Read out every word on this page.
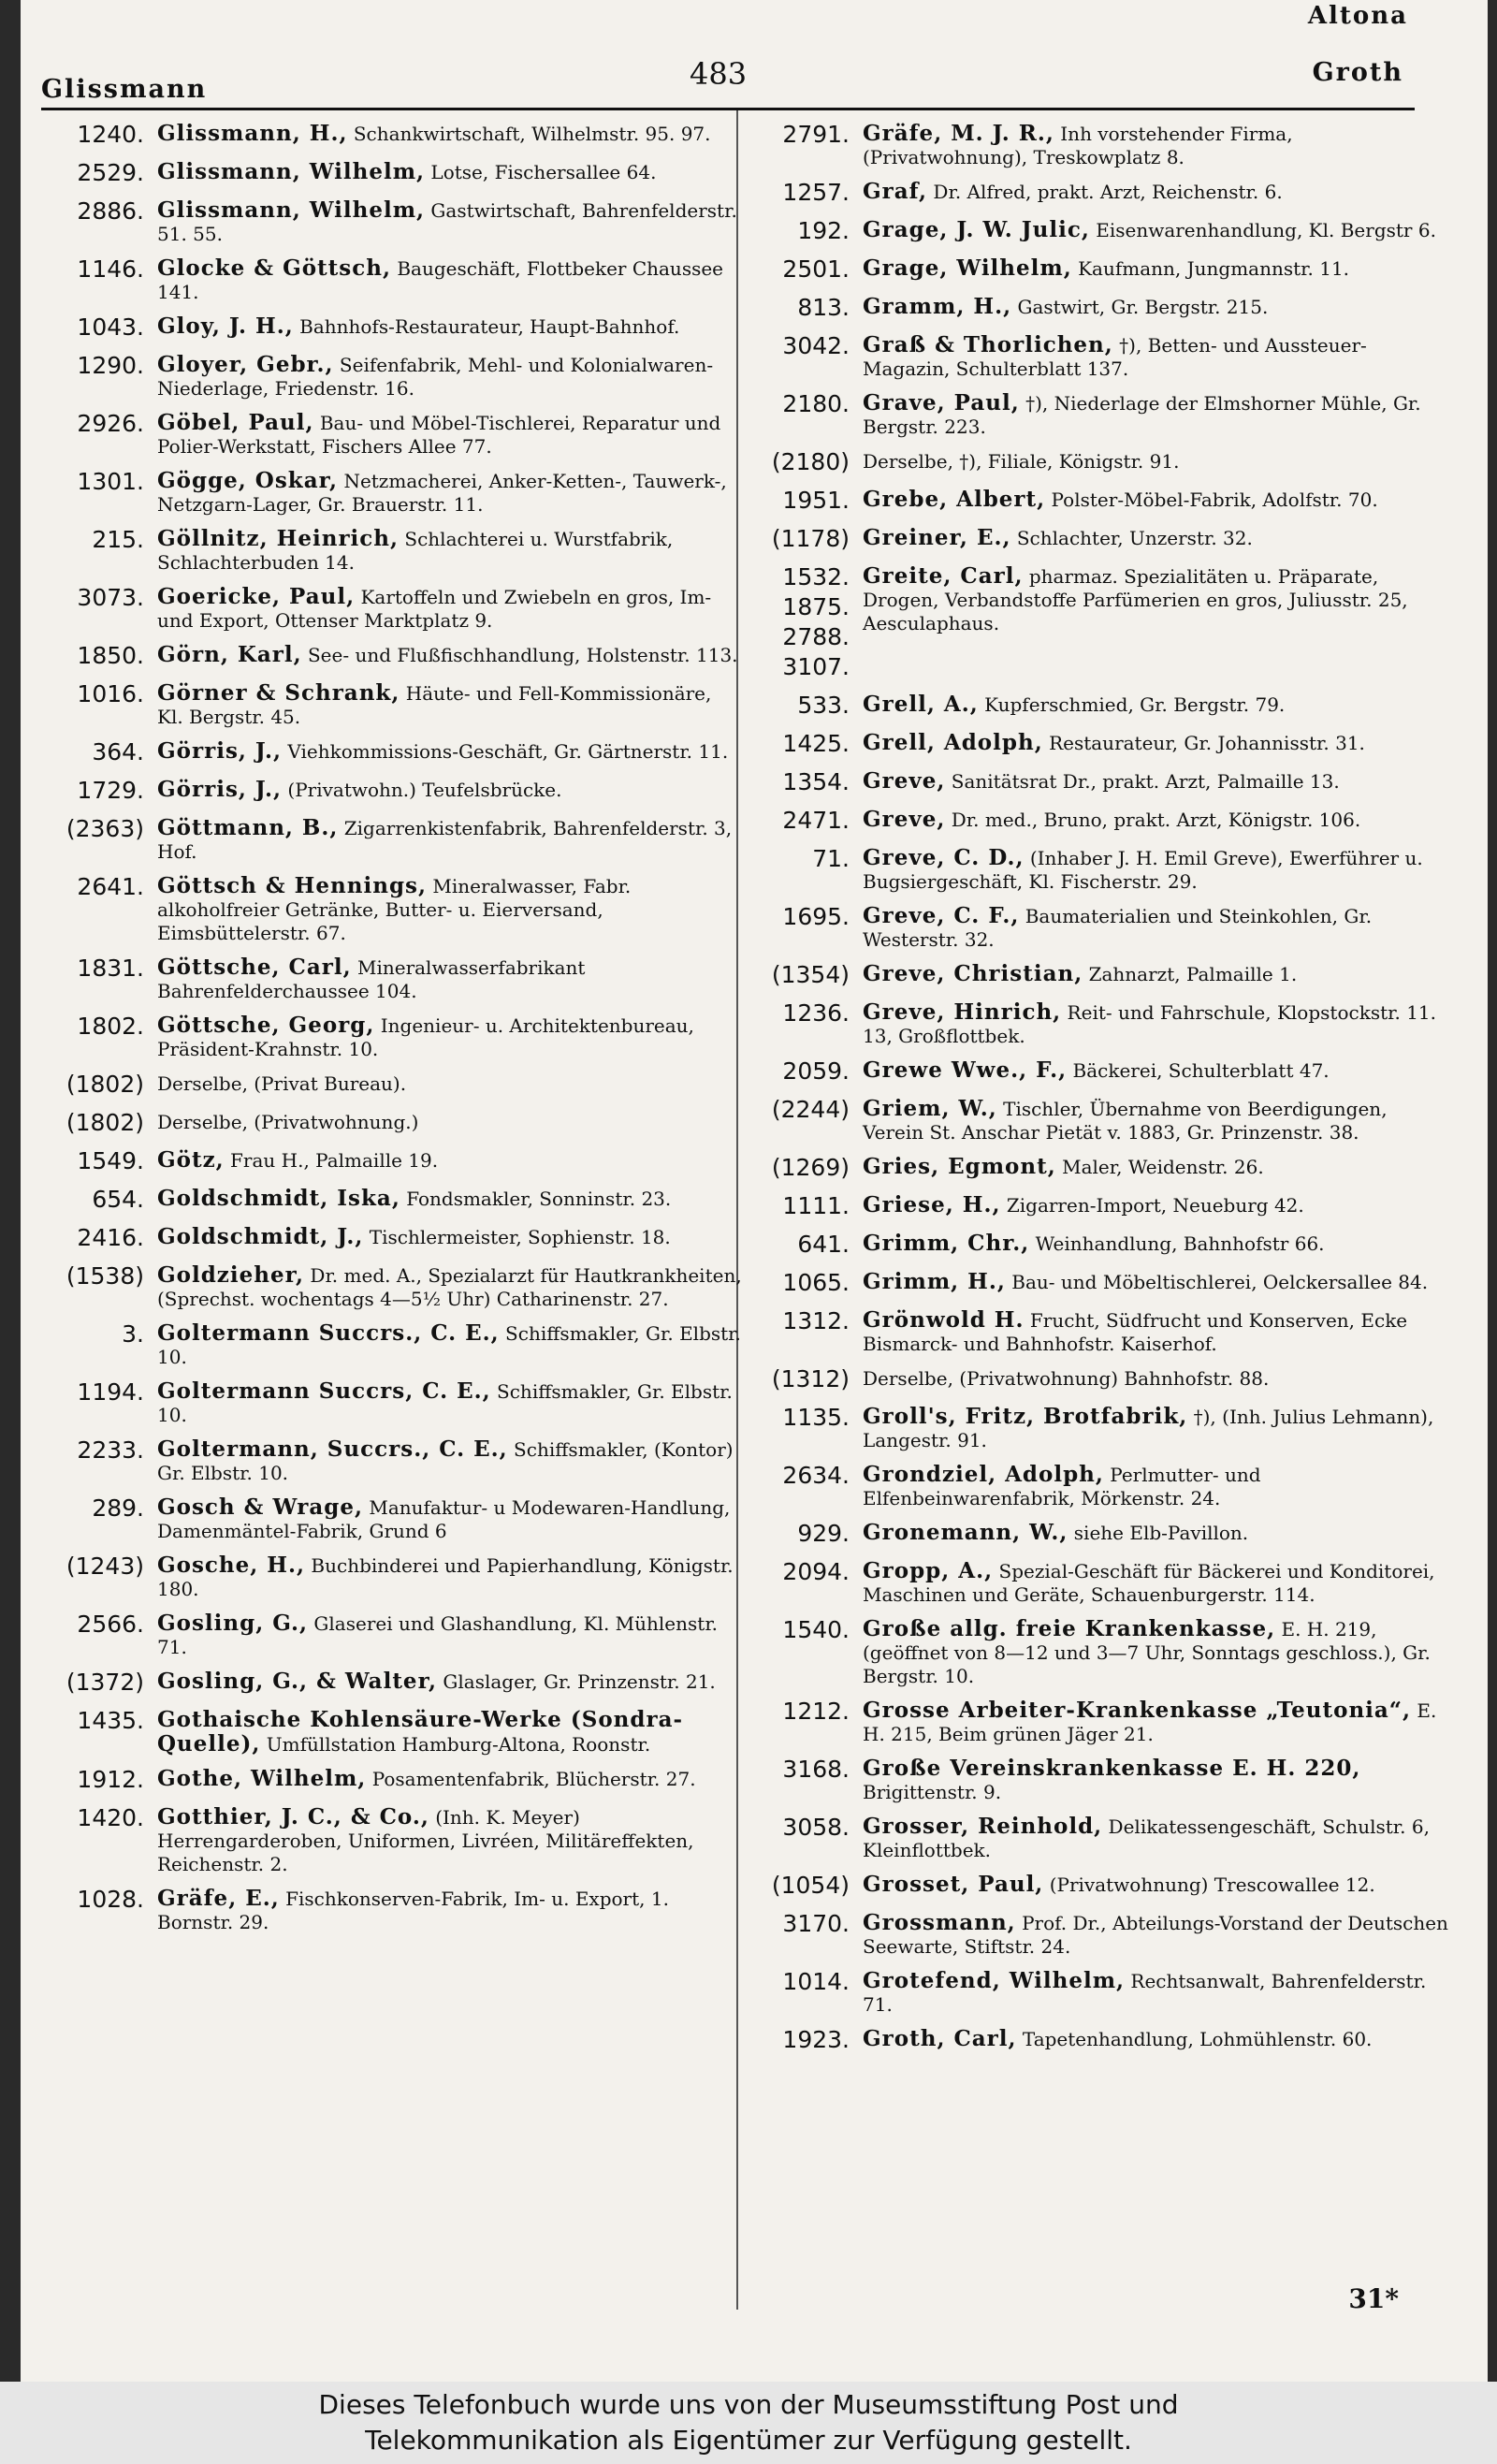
Altona
Glissmann	483	Groth
1240. Glissmann, H., Schankwirtschaft, Wilhelmstr. 95. 97.
2529. Glissmann, Wilhelm, Lotse, Fischersallee 64.
2886. Glissmann, Wilhelm, Gastwirtschaft, Bahrenfelderstr. 51. 55.
1146. Glocke & Göttsch, Baugeschäft, Flottbeker Chaussee 141.
1043. Gloy, J. H., Bahnhofs-Restaurateur, Haupt-Bahnhof.
1290. Gloyer, Gebr., Seifenfabrik, Mehl- und Kolonialwaren-Niederlage, Friedenstr. 16.
2926. Göbel, Paul, Bau- und Möbel-Tischlerei, Reparatur und Polier-Werkstatt, Fischers Allee 77.
1301. Gögge, Oskar, Netzmacherei, Anker-Ketten-, Tauwerk-, Netzgarn-Lager, Gr. Brauerstr. 11.
215. Göllnitz, Heinrich, Schlachterei u. Wurstfabrik, Schlachterbuden 14.
3073. Goericke, Paul, Kartoffeln und Zwiebeln en gros, Im- und Export, Ottenser Marktplatz 9.
1850. Görn, Karl, See- und Flußfischhandlung, Holstenstr. 113.
1016. Görner & Schrank, Häute- und Fell-Kommissionäre, Kl. Bergstr. 45.
364. Görris, J., Viehkommissions-Geschäft, Gr. Gärtnerstr. 11.
1729. Görris, J., (Privatwohn.) Teufelsbrücke.
(2363) Göttmann, B., Zigarrenkistenfabrik, Bahrenfelderstr. 3, Hof.
2641. Göttsch & Hennings, Mineralwasser, Fabr. alkoholfreier Getränke, Butter- u. Eierversand, Eimsbüttelerstr. 67.
1831. Göttsche, Carl, Mineralwasserfabrikant Bahrenfelderchaussee 104.
1802. Göttsche, Georg, Ingenieur- u. Architektenbureau, Präsident-Krahnstr. 10.
(1802) Derselbe, (Privat Bureau).
(1802) Derselbe, (Privatwohnung.)
1549. Götz, Frau H., Palmaille 19.
654. Goldschmidt, Iska, Fondsmakler, Sonninstr. 23.
2416. Goldschmidt, J., Tischlermeister, Sophienstr. 18.
(1538) Goldzieher, Dr. med. A., Spezialarzt für Hautkrankheiten, (Sprechst. wochentags 4—5½ Uhr) Catharinenstr. 27.
3. Goltermann Succrs., C. E., Schiffsmakler, Gr. Elbstr. 10.
1194. Goltermann Succrs, C. E., Schiffsmakler, Gr. Elbstr. 10.
2233. Goltermann, Succrs., C. E., Schiffsmakler, (Kontor) Gr. Elbstr. 10.
289. Gosch & Wrage, Manufaktur- u Modewaren-Handlung, Damenmäntel-Fabrik, Grund 6
(1243) Gosche, H., Buchbinderei und Papierhandlung, Königstr. 180.
2566. Gosling, G., Glaserei und Glashandlung, Kl. Mühlenstr. 71.
(1372) Gosling, G., & Walter, Glaslager, Gr. Prinzenstr. 21.
1435. Gothaische Kohlensäure-Werke (Sondra-Quelle), Umfüllstation Hamburg-Altona, Roonstr.
1912. Gothe, Wilhelm, Posamentenfabrik, Blücherstr. 27.
1420. Gotthier, J. C., & Co., (Inh. K. Meyer) Herrengarderoben, Uniformen, Livréen, Militäreffekten, Reichenstr. 2.
1028. Gräfe, E., Fischkonserven-Fabrik, Im- u. Export, 1. Bornstr. 29.
2791. Gräfe, M. J. R., Inh vorstehender Firma, (Privatwohnung), Treskowplatz 8.
1257. Graf, Dr. Alfred, prakt. Arzt, Reichenstr. 6.
192. Grage, J. W. Julic, Eisenwarenhandlung, Kl. Bergstr 6.
2501. Grage, Wilhelm, Kaufmann, Jungmannstr. 11.
813. Gramm, H., Gastwirt, Gr. Bergstr. 215.
3042. Graß & Thorlichen, †), Betten- und Aussteuer-Magazin, Schulterblatt 137.
2180. Grave, Paul, †), Niederlage der Elmshorner Mühle, Gr. Bergstr. 223.
(2180) Derselbe, †), Filiale, Königstr. 91.
1951. Grebe, Albert, Polster-Möbel-Fabrik, Adolfstr. 70.
(1178) Greiner, E., Schlachter, Unzerstr. 32.
1532. 1875. 2788. 3107.
Greite, Carl, pharmaz. Spezialitäten u. Präparate, Drogen, Verbandstoffe Parfümerien en gros, Juliusstr. 25, Aesculaphaus.
533. Grell, A., Kupferschmied, Gr. Bergstr. 79.
1425. Grell, Adolph, Restaurateur, Gr. Johannisstr. 31.
1354. Greve, Sanitätsrat Dr., prakt. Arzt, Palmaille 13.
2471. Greve, Dr. med., Bruno, prakt. Arzt, Königstr. 106.
71. Greve, C. D., (Inhaber J. H. Emil Greve), Ewerführer u. Bugsiergeschäft, Kl. Fischerstr. 29.
1695. Greve, C. F., Baumaterialien und Steinkohlen, Gr. Westerstr. 32.
(1354) Greve, Christian, Zahnarzt, Palmaille 1.
1236. Greve, Hinrich, Reit- und Fahrschule, Klopstockstr. 11. 13, Großflottbek.
2059. Grewe Wwe., F., Bäckerei, Schulterblatt 47.
(2244) Griem, W., Tischler, Übernahme von Beerdigungen, Verein St. Anschar Pietät v. 1883, Gr. Prinzenstr. 38.
(1269) Gries, Egmont, Maler, Weidenstr. 26.
1111. Griese, H., Zigarren-Import, Neueburg 42.
641. Grimm, Chr., Weinhandlung, Bahnhofstr 66.
1065. Grimm, H., Bau- und Möbeltischlerei, Oelckersallee 84.
1312. Grönwold H. Frucht, Südfrucht und Konserven, Ecke Bismarck- und Bahnhofstr. Kaiserhof.
(1312) Derselbe, (Privatwohnung) Bahnhofstr. 88.
1135. Groll's, Fritz, Brotfabrik, †), (Inh. Julius Lehmann), Langestr. 91.
2634. Grondziel, Adolph, Perlmutter- und Elfenbeinwarenfabrik, Mörkenstr. 24.
929. Gronemann, W., siehe Elb-Pavillon.
2094. Gropp, A., Spezial-Geschäft für Bäckerei und Konditorei, Maschinen und Geräte, Schauenburgerstr. 114.
1540. Große allg. freie Krankenkasse, E. H. 219, (geöffnet von 8—12 und 3—7 Uhr, Sonntags geschloss.), Gr. Bergstr. 10.
1212. Grosse Arbeiter-Krankenkasse „Teutonia“, E. H. 215, Beim grünen Jäger 21.
3168. Große Vereinskrankenkasse E. H. 220, Brigittenstr. 9.
3058. Grosser, Reinhold, Delikatessengeschäft, Schulstr. 6, Kleinflottbek.
(1054) Grosset, Paul, (Privatwohnung) Trescowallee 12.
3170. Grossmann, Prof. Dr., Abteilungs-Vorstand der Deutschen Seewarte, Stiftstr. 24.
1014. Grotefend, Wilhelm, Rechtsanwalt, Bahrenfelderstr. 71.
1923. Groth, Carl, Tapetenhandlung, Lohmühlenstr. 60.
31*
Dieses Telefonbuch wurde uns von der Museumsstiftung Post und
Telekommunikation als Eigentümer zur Verfügung gestellt.
